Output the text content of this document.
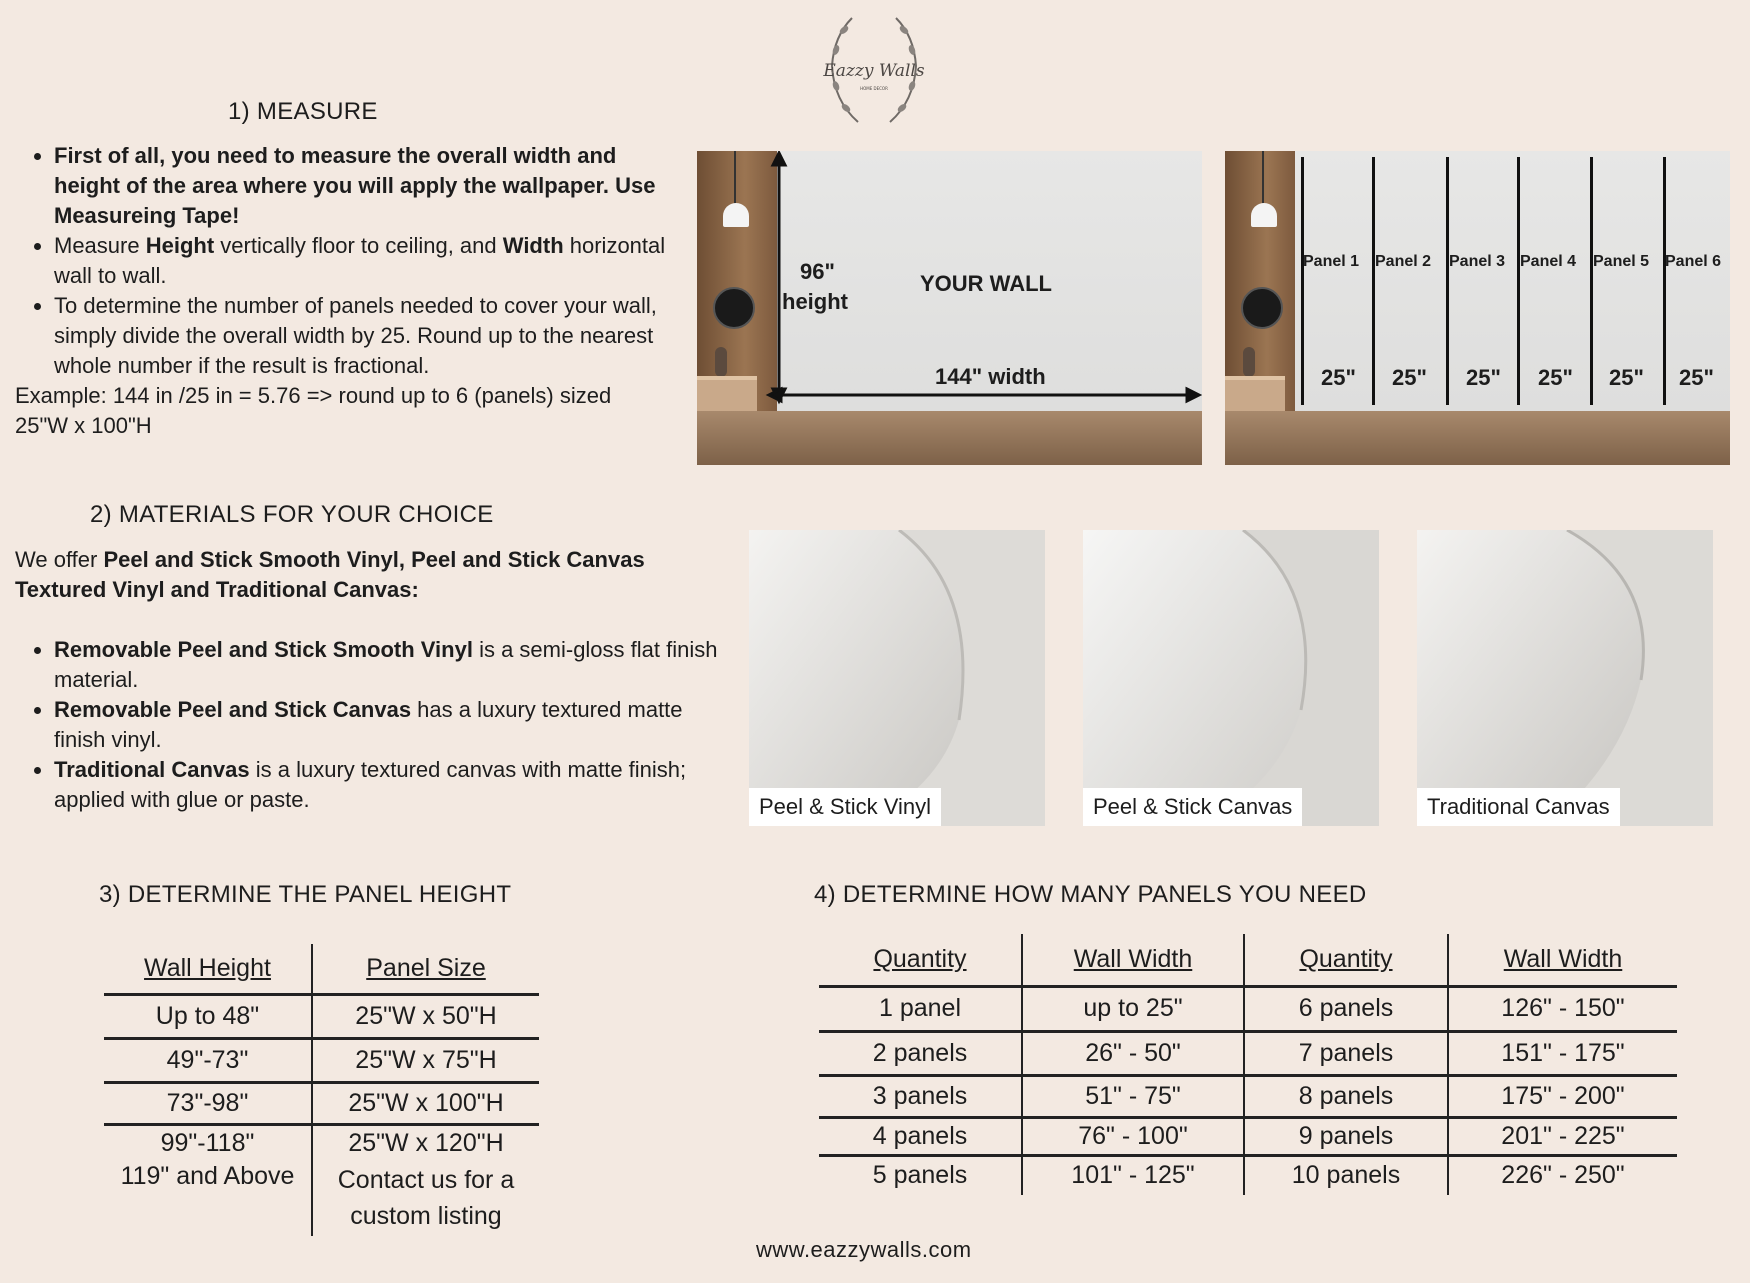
Eazzy Walls
HOME DECOR
1) MEASURE
• First of all, you need to measure the overall width and height of the area where you will apply the wallpaper. Use Measureing Tape!
• Measure Height vertically floor to ceiling, and Width horizontal wall to wall.
• To determine the number of panels needed to cover your wall, simply divide the overall width by 25. Round up to the nearest whole number if the result is fractional.
Example: 144 in /25 in = 5.76 => round up to 6 (panels) sized 25"W x 100"H
96"
height
YOUR WALL
144" width
Panel 1 Panel 2 Panel 3 Panel 4 Panel 5 Panel 6
25" 25" 25" 25" 25" 25"
2) MATERIALS FOR YOUR CHOICE
We offer Peel and Stick Smooth Vinyl, Peel and Stick Canvas Textured Vinyl and Traditional Canvas:
• Removable Peel and Stick Smooth Vinyl is a semi-gloss flat finish material.
• Removable Peel and Stick Canvas has a luxury textured matte finish vinyl.
• Traditional Canvas is a luxury textured canvas with matte finish; applied with glue or paste.	Peel & Stick Vinyl	Peel & Stick Canvas	Traditional Canvas
3) DETERMINE THE PANEL HEIGHT
Wall Height	Panel Size
Up to 48"	25"W x 50"H
49"-73"	25"W x 75"H
73"-98"	25"W x 100"H
99"-118"	25"W x 120"H
119" and Above	Contact us for a custom listing
4) DETERMINE HOW MANY PANELS YOU NEED
Quantity	Wall Width	Quantity	Wall Width
1 panel	up to 25"	6 panels	126" - 150"
2 panels	26" - 50"	7 panels	151" - 175"
3 panels	51" - 75"	8 panels	175" - 200"
4 panels	76" - 100"	9 panels	201" - 225"
5 panels	101" - 125"	10 panels	226" - 250"
www.eazzywalls.com
